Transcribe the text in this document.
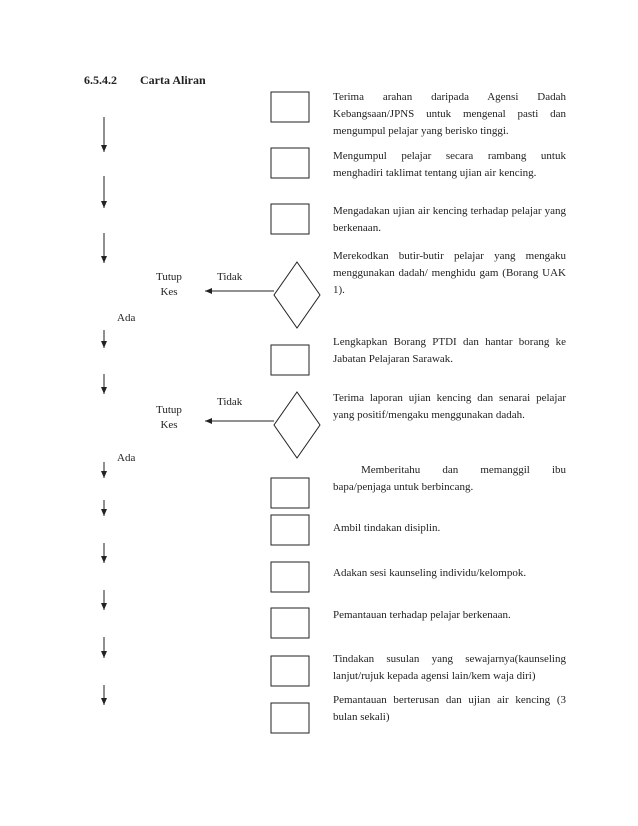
6.5.4.2 Carta Aliran
Terima arahan daripada Agensi Dadah Kebangsaan/JPNS untuk mengenal pasti dan mengumpul pelajar yang berisko tinggi.
Mengumpul pelajar secara rambang untuk menghadiri taklimat tentang ujian air kencing.
Mengadakan ujian air kencing terhadap pelajar yang berkenaan.
Merekodkan butir-butir pelajar yang mengaku menggunakan dadah/ menghidu gam (Borang UAK 1).
Lengkapkan Borang PTDI dan hantar borang ke Jabatan Pelajaran Sarawak.
Terima laporan ujian kencing dan senarai pelajar yang positif/mengaku menggunakan dadah.
Memberitahu dan memanggil ibu bapa/penjaga untuk berbincang.
Ambil tindakan disiplin.
Adakan sesi kaunseling individu/kelompok.
Pemantauan terhadap pelajar berkenaan.
Tindakan susulan yang sewajarnya(kaunseling lanjut/rujuk kepada agensi lain/kem waja diri)
Pemantauan berterusan dan ujian air kencing (3 bulan sekali)
Tidak
Tutup
Kes
Ada
Tidak
Tutup
Kes
Ada
